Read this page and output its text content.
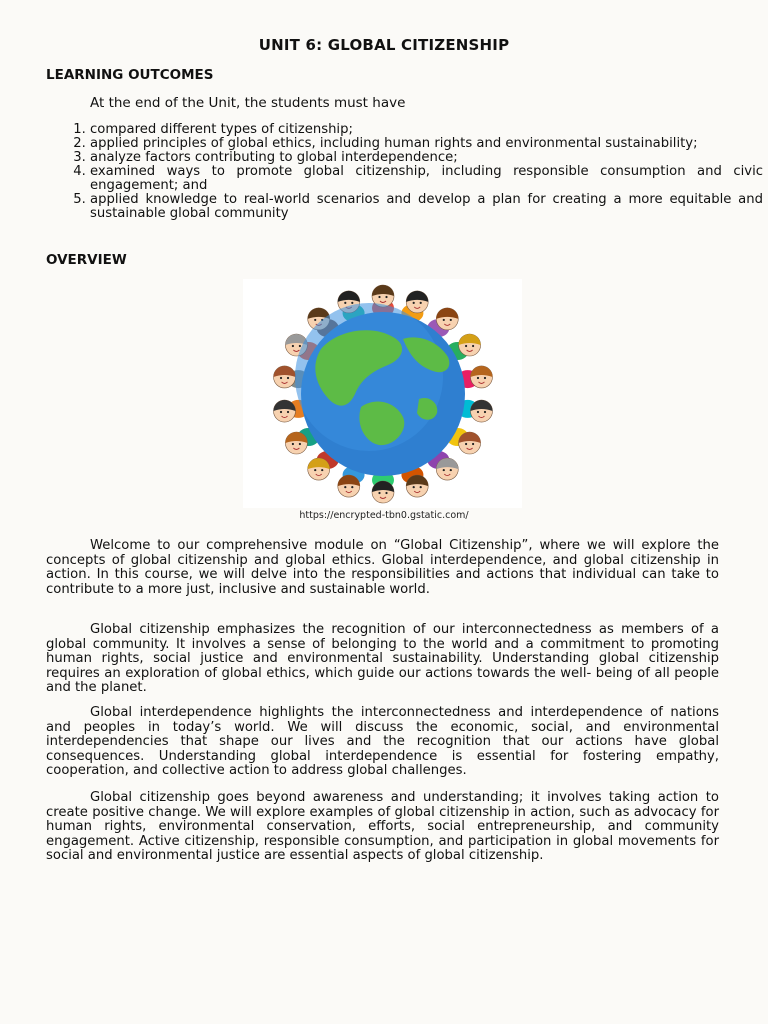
UNIT 6: GLOBAL CITIZENSHIP
LEARNING OUTCOMES
At the end of the Unit, the students must have
1. compared different types of citizenship;
2. applied principles of global ethics, including human rights and environmental sustainability;
3. analyze factors contributing to global interdependence;
4. examined ways to promote global citizenship, including responsible consumption and civic engagement; and
5. applied knowledge to real-world scenarios and develop a plan for creating a more equitable and sustainable global community
OVERVIEW
https://encrypted-tbn0.gstatic.com/
Welcome to our comprehensive module on “Global Citizenship”, where we will explore the concepts of global citizenship and global ethics. Global interdependence, and global citizenship in action. In this course, we will delve into the responsibilities and actions that individual can take to contribute to a more just, inclusive and sustainable world.
Global citizenship emphasizes the recognition of our interconnectedness as members of a global community. It involves a sense of belonging to the world and a commitment to promoting human rights, social justice and environmental sustainability. Understanding global citizenship requires an exploration of global ethics, which guide our actions towards the well- being of all people and the planet.
Global interdependence highlights the interconnectedness and interdependence of nations and peoples in today’s world. We will discuss the economic, social, and environmental interdependencies that shape our lives and the recognition that our actions have global consequences. Understanding global interdependence is essential for fostering empathy, cooperation, and collective action to address global challenges.
Global citizenship goes beyond awareness and understanding; it involves taking action to create positive change. We will explore examples of global citizenship in action, such as advocacy for human rights, environmental conservation, efforts, social entrepreneurship, and community engagement. Active citizenship, responsible consumption, and participation in global movements for social and environmental justice are essential aspects of global citizenship.
